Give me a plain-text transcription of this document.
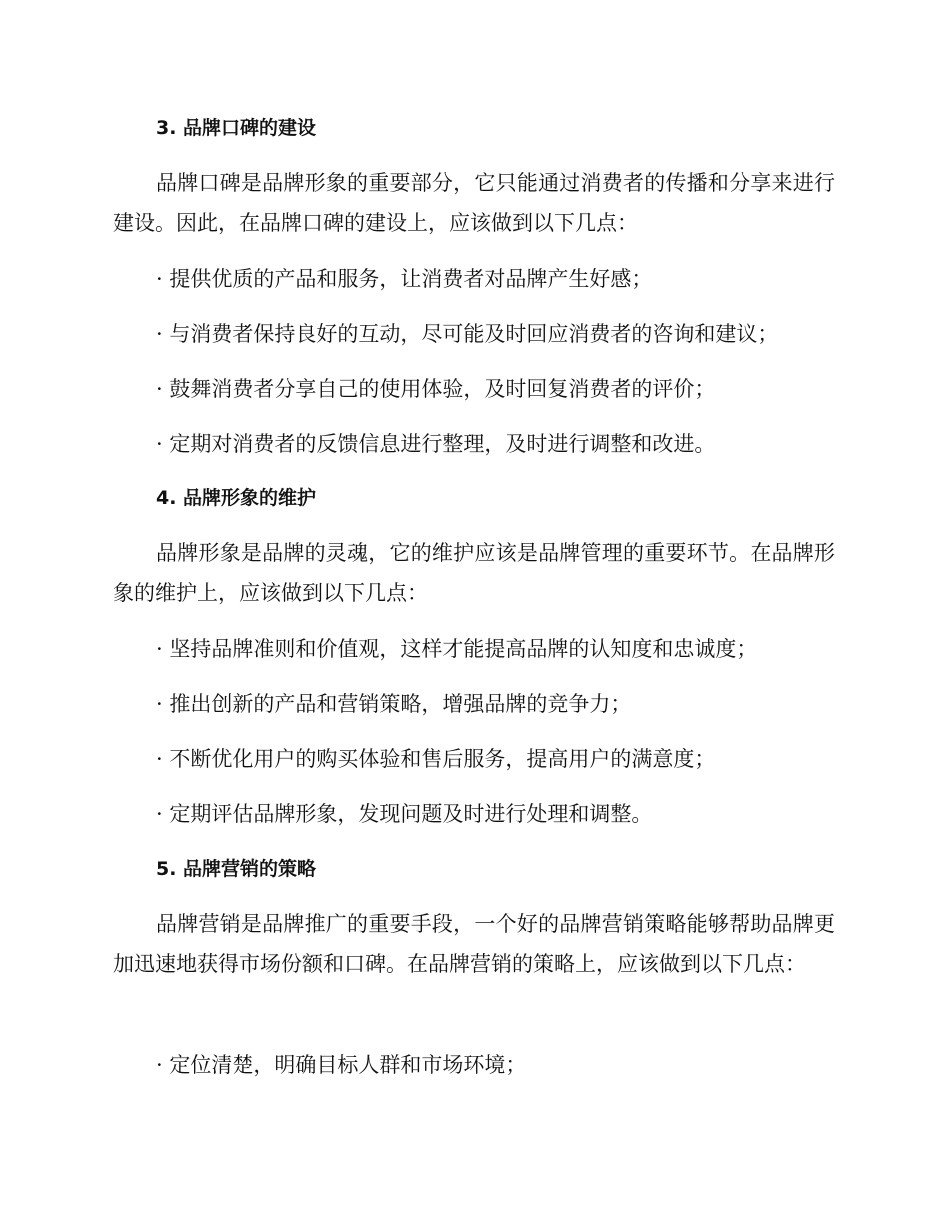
3. 品牌口碑的建设

品牌口碑是品牌形象的重要部分，它只能通过消费者的传播和分享来进行建设。因此，在品牌口碑的建设上，应该做到以下几点：

· 提供优质的产品和服务，让消费者对品牌产生好感；

· 与消费者保持良好的互动，尽可能及时回应消费者的咨询和建议；

· 鼓舞消费者分享自己的使用体验，及时回复消费者的评价；

· 定期对消费者的反馈信息进行整理，及时进行调整和改进。

4. 品牌形象的维护

品牌形象是品牌的灵魂，它的维护应该是品牌管理的重要环节。在品牌形象的维护上，应该做到以下几点：

· 坚持品牌准则和价值观，这样才能提高品牌的认知度和忠诚度；

· 推出创新的产品和营销策略，增强品牌的竞争力；

· 不断优化用户的购买体验和售后服务，提高用户的满意度；

· 定期评估品牌形象，发现问题及时进行处理和调整。

5. 品牌营销的策略

品牌营销是品牌推广的重要手段，一个好的品牌营销策略能够帮助品牌更加迅速地获得市场份额和口碑。在品牌营销的策略上，应该做到以下几点：

· 定位清楚，明确目标人群和市场环境；
